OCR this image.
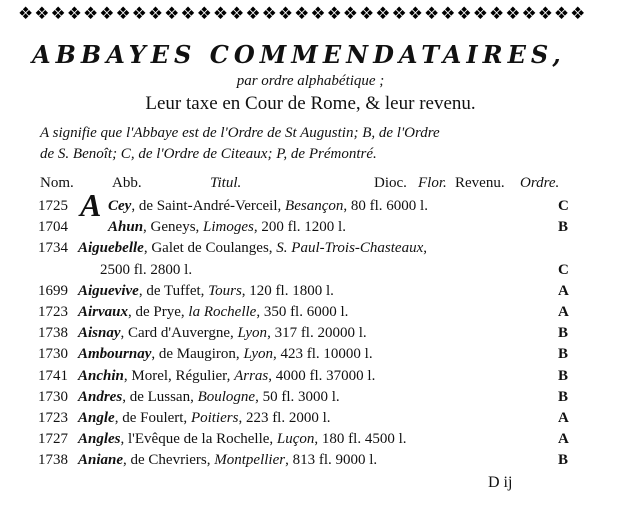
❖❖❖❖❖❖❖❖❖❖❖❖❖❖❖❖❖❖❖❖❖❖❖❖❖❖❖❖❖❖❖❖❖❖❖
ABBAYES COMMENDATAIRES,
par ordre alphabétique ;
Leur taxe en Cour de Rome, & leur revenu.
A signifie que l'Abbaye est de l'Ordre de St Augustin; B, de l'Ordre
de S. Benoît; C, de l'Ordre de Citeaux; P, de Prémontré.
Nom.	Abb.	Titul.	Dioc. Flor. Revenu. Ordre.
1725 A Cey, de Saint-André-Verceil, Besançon, 80 fl. 6000 l.	C
1704	Ahun, Geneys, Limoges, 200 fl. 1200 l.	B
1734 Aiguebelle, Galet de Coulanges, S. Paul-Trois-Chasteaux,
2500 fl. 2800 l.	C
1699 Aiguevive, de Tuffet, Tours, 120 fl. 1800 l.	A
1723 Airvaux, de Prye, la Rochelle, 350 fl. 6000 l.	A
1738 Aisnay, Card d'Auvergne, Lyon, 317 fl. 20000 l.	B
1730 Ambournay, de Maugiron, Lyon, 423 fl. 10000 l.	B
1741 Anchin, Morel, Régulier, Arras, 4000 fl. 37000 l.	B
1730 Andres, de Lussan, Boulogne, 50 fl. 3000 l.	B
1723 Angle, de Foulert, Poitiers, 223 fl. 2000 l.	A
1727 Angles, l'Evêque de la Rochelle, Luçon, 180 fl. 4500 l.	A
1738 Aniane, de Chevriers, Montpellier, 813 fl. 9000 l.	B
D ij
